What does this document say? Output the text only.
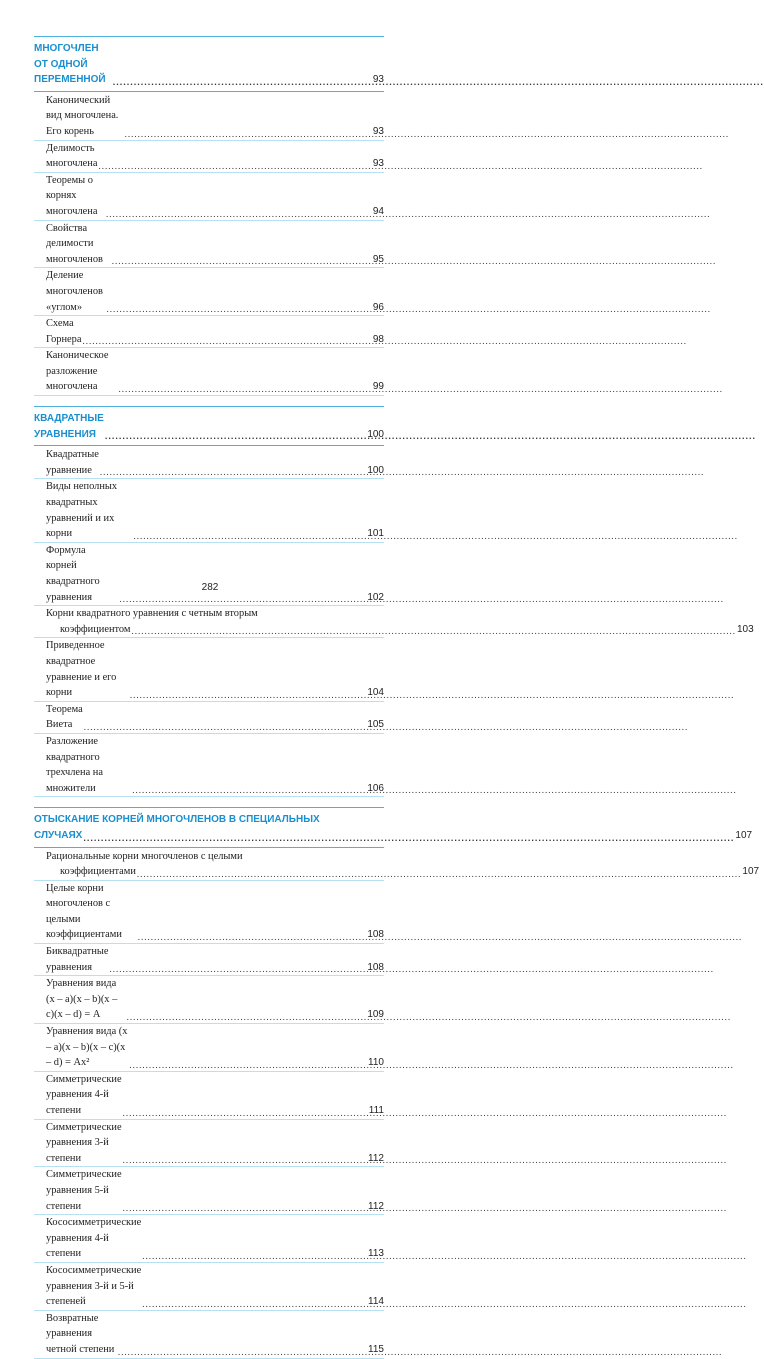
МНОГОЧЛЕН ОТ ОДНОЙ ПЕРЕМЕННОЙ .....	93
Канонический вид многочлена. Его корень .....	93
Делимость многочлена .....	93
Теоремы о корнях многочлена .....	94
Свойства делимости многочленов .....	95
Деление многочленов «углом» .....	96
Схема Горнера .....	98
Каноническое разложение многочлена .....	99
КВАДРАТНЫЕ УРАВНЕНИЯ .....	100
Квадратные уравнение .....	100
Виды неполных квадратных уравнений и их корни .....	101
Формула корней квадратного уравнения .....	102
Корни квадратного уравнения с четным вторым
коэффициентом .....	103
Приведенное квадратное уравнение и его корни .....	104
Теорема Виета .....	105
Разложение квадратного трехчлена на множители .....	106
ОТЫСКАНИЕ КОРНЕЙ МНОГОЧЛЕНОВ В СПЕЦИАЛЬНЫХ
СЛУЧАЯХ .....	107
Рациональные корни многочленов с целыми
коэффициентами .....	107
Целые корни многочленов с целыми коэффициентами .....	108
Биквадратные уравнения .....	108
Уравнения вида (x – a)(x – b)(x – c)(x – d) = A .....	109
Уравнения вида (x – a)(x – b)(x – c)(x – d) = Ax² .....	110
Симметрические уравнения 4-й степени .....	111
Симметрические уравнения 3-й степени .....	112
Симметрические уравнения 5-й степени .....	112
Кососимметрические уравнения 4-й степени .....	113
Кососимметрические уравнения 3-й и 5-й степеней .....	114
Возвратные уравнения четной степени .....	115
282
